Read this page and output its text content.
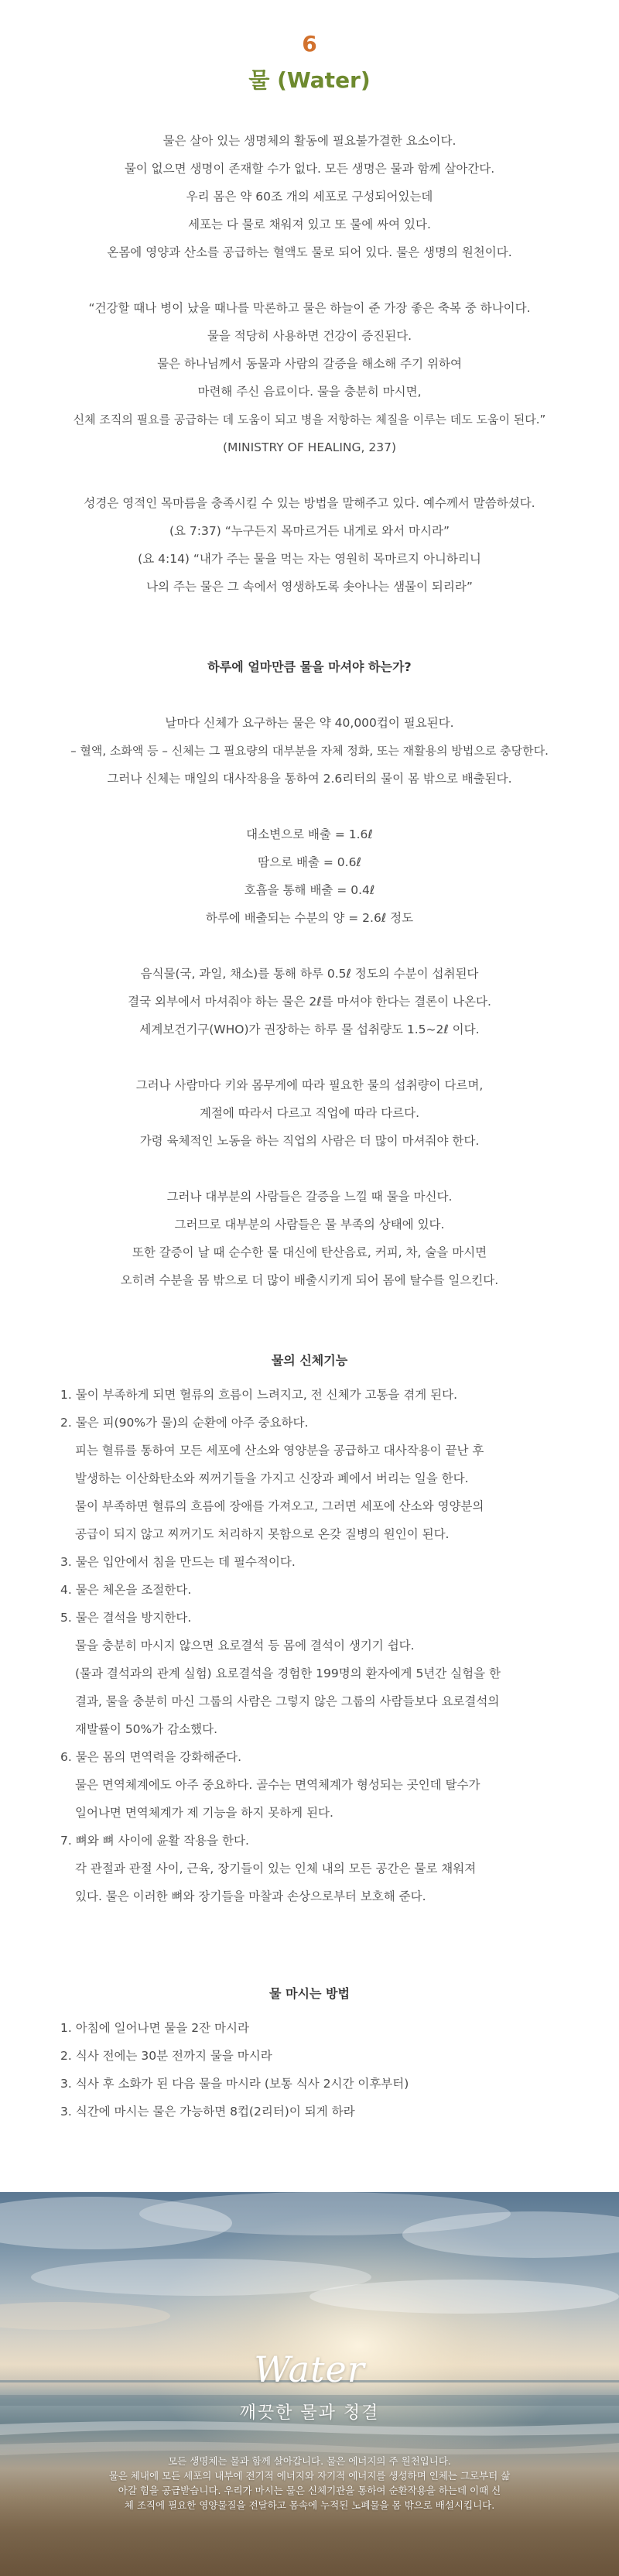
6
물 (Water)
물은 살아 있는 생명체의 활동에 필요불가결한 요소이다.
물이 없으면 생명이 존재할 수가 없다. 모든 생명은 물과 함께 살아간다.
우리 몸은 약 60조 개의 세포로 구성되어있는데
세포는 다 물로 채워져 있고 또 물에 싸여 있다.
온몸에 영양과 산소를 공급하는 혈액도 물로 되어 있다. 물은 생명의 원천이다.
“건강할 때나 병이 났을 때나를 막론하고 물은 하늘이 준 가장 좋은 축복 중 하나이다.
물을 적당히 사용하면 건강이 증진된다.
물은 하나님께서 동물과 사람의 갈증을 해소해 주기 위하여
마련해 주신 음료이다. 물을 충분히 마시면,
신체 조직의 필요를 공급하는 데 도움이 되고 병을 저항하는 체질을 이루는 데도 도움이 된다.”
(MINISTRY OF HEALING, 237)
성경은 영적인 목마름을 충족시킬 수 있는 방법을 말해주고 있다. 예수께서 말씀하셨다.
(요 7:37) “누구든지 목마르거든 내게로 와서 마시라”
(요 4:14) “내가 주는 물을 먹는 자는 영원히 목마르지 아니하리니
나의 주는 물은 그 속에서 영생하도록 솟아나는 샘물이 되리라”
하루에 얼마만큼 물을 마셔야 하는가?
날마다 신체가 요구하는 물은 약 40,000컵이 필요된다.
– 혈액, 소화액 등 – 신체는 그 필요량의 대부분을 자체 정화, 또는 재활용의 방법으로 충당한다.
그러나 신체는 매일의 대사작용을 통하여 2.6리터의 물이 몸 밖으로 배출된다.
대소변으로 배출 = 1.6ℓ
땀으로 배출 = 0.6ℓ
호흡을 통해 배출 = 0.4ℓ
하루에 배출되는 수분의 양 = 2.6ℓ 정도
음식물(국, 과일, 채소)를 통해 하루 0.5ℓ 정도의 수분이 섭취된다
결국 외부에서 마셔줘야 하는 물은 2ℓ를 마셔야 한다는 결론이 나온다.
세계보건기구(WHO)가 권장하는 하루 물 섭취량도 1.5~2ℓ 이다.
그러나 사람마다 키와 몸무게에 따라 필요한 물의 섭취량이 다르며,
계절에 따라서 다르고 직업에 따라 다르다.
가령 육체적인 노동을 하는 직업의 사람은 더 많이 마셔줘야 한다.
그러나 대부분의 사람들은 갈증을 느낄 때 물을 마신다.
그러므로 대부분의 사람들은 물 부족의 상태에 있다.
또한 갈증이 날 때 순수한 물 대신에 탄산음료, 커피, 차, 술을 마시면
오히려 수분을 몸 밖으로 더 많이 배출시키게 되어 몸에 탈수를 일으킨다.
물의 신체기능
1. 물이 부족하게 되면 혈류의 흐름이 느려지고, 전 신체가 고통을 겪게 된다.
2. 물은 피(90%가 물)의 순환에 아주 중요하다.
피는 혈류를 통하여 모든 세포에 산소와 영양분을 공급하고 대사작용이 끝난 후
발생하는 이산화탄소와 찌꺼기들을 가지고 신장과 폐에서 버리는 일을 한다.
물이 부족하면 혈류의 흐름에 장애를 가져오고, 그러면 세포에 산소와 영양분의
공급이 되지 않고 찌꺼기도 처리하지 못함으로 온갖 질병의 원인이 된다.
3. 물은 입안에서 침을 만드는 데 필수적이다.
4. 물은 체온을 조절한다.
5. 물은 결석을 방지한다.
물을 충분히 마시지 않으면 요로결석 등 몸에 결석이 생기기 쉽다.
(물과 결석과의 관계 실험) 요로결석을 경험한 199명의 환자에게 5년간 실험을 한
결과, 물을 충분히 마신 그룹의 사람은 그렇지 않은 그룹의 사람들보다 요로결석의
재발률이 50%가 감소했다.
6. 물은 몸의 면역력을 강화해준다.
물은 면역체계에도 아주 중요하다. 골수는 면역체계가 형성되는 곳인데 탈수가
일어나면 면역체계가 제 기능을 하지 못하게 된다.
7. 뼈와 뼈 사이에 윤활 작용을 한다.
각 관절과 관절 사이, 근육, 장기들이 있는 인체 내의 모든 공간은 물로 채워져
있다. 물은 이러한 뼈와 장기들을 마찰과 손상으로부터 보호해 준다.
물 마시는 방법
1. 아침에 일어나면 물을 2잔 마시라
2. 식사 전에는 30분 전까지 물을 마시라
3. 식사 후 소화가 된 다음 물을 마시라 (보통 식사 2시간 이후부터)
3. 식간에 마시는 물은 가능하면 8컵(2리터)이 되게 하라
Water
깨끗한 물과 청결
모든 생명체는 물과 함께 살아갑니다. 물은 에너지의 주 원천입니다.
물은 체내에 모든 세포의 내부에 전기적 에너지와 자기적 에너지를 생성하며 인체는 그로부터 삶
아갈 힘을 공급받습니다. 우리가 마시는 물은 신체기관을 통하여 순환작용을 하는데 이때 신
체 조직에 필요한 영양물질을 전달하고 몸속에 누적된 노폐물을 몸 밖으로 배설시킵니다.
